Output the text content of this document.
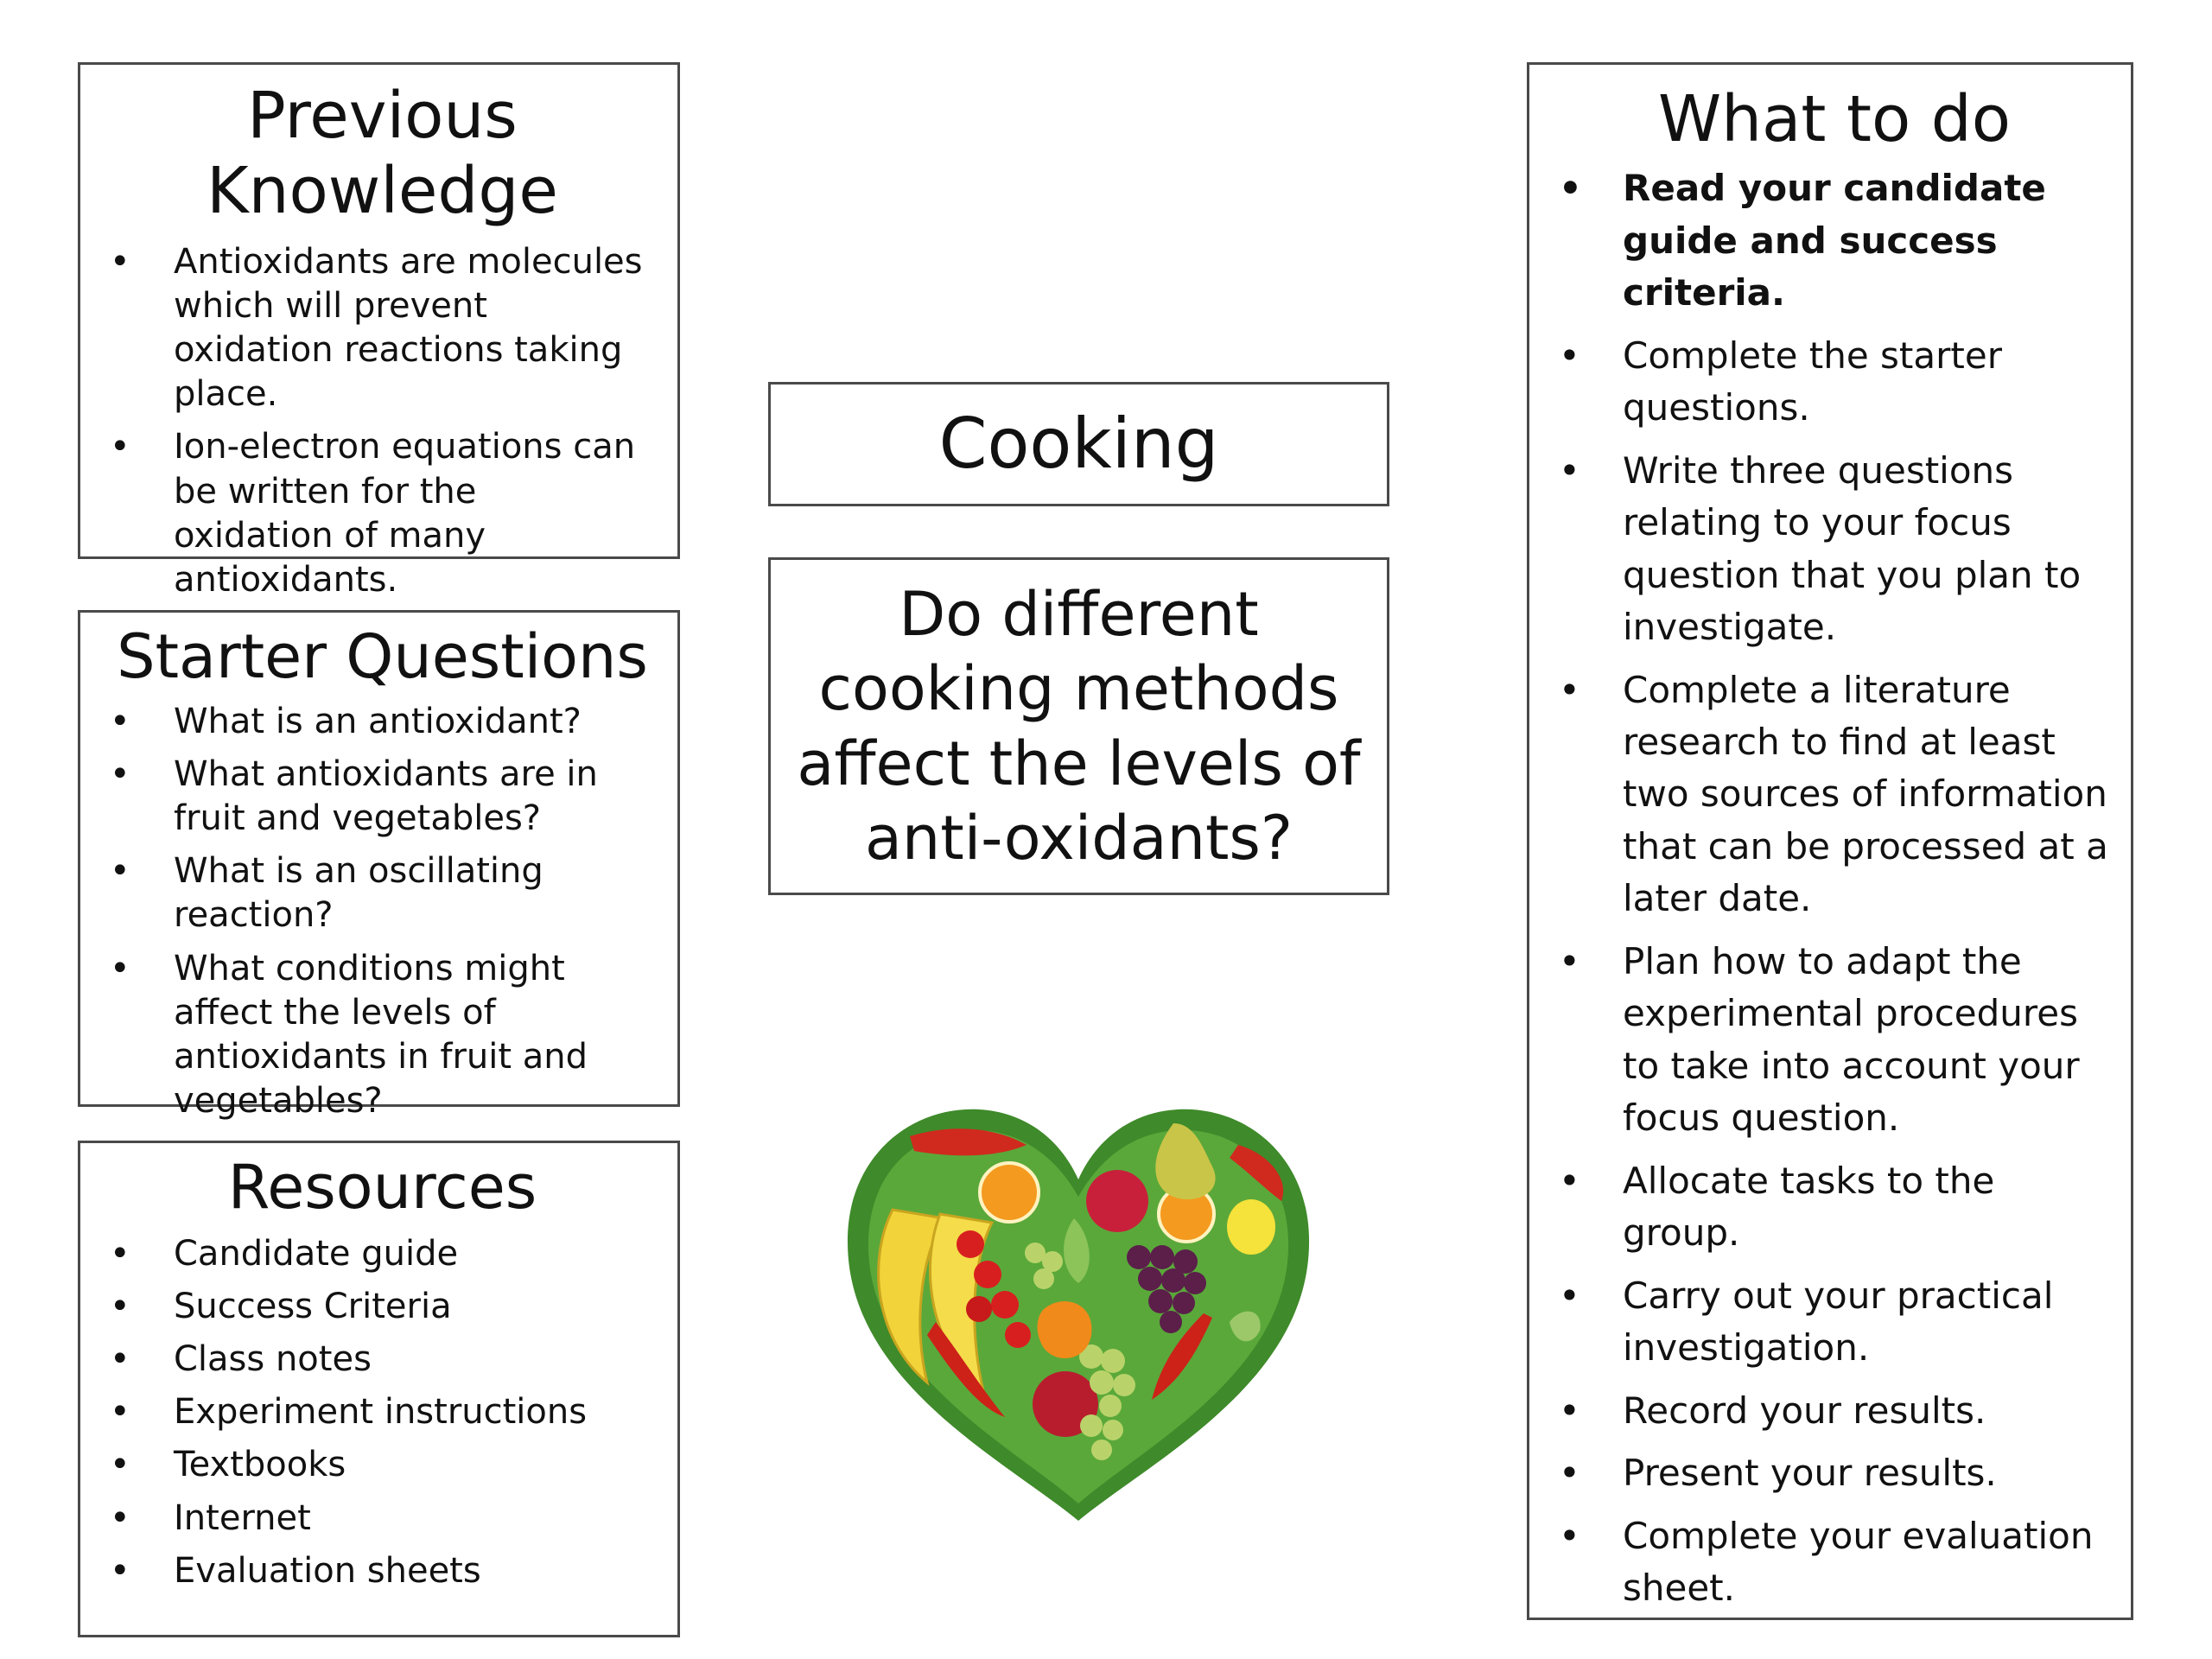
Previous Knowledge
• Antioxidants are molecules which will prevent oxidation reactions taking place.
• Ion-electron equations can be written for the oxidation of many antioxidants.
Starter Questions
• What is an antioxidant?
• What antioxidants are in fruit and vegetables?
• What is an oscillating reaction?
• What conditions might affect the levels of antioxidants in fruit and vegetables?
Resources
• Candidate guide
• Success Criteria
• Class notes
• Experiment instructions
• Textbooks
• Internet
• Evaluation sheets
Cooking
Do different cooking methods affect the levels of anti-oxidants?
What to do
• Read your candidate guide and success criteria.
• Complete the starter questions.
• Write three questions relating to your focus question that you plan to investigate.
• Complete a literature research to find at least two sources of information that can be processed at a later date.
• Plan how to adapt the experimental procedures to take into account your focus question.
• Allocate tasks to the group.
• Carry out your practical investigation.
• Record your results.
• Present your results.
• Complete your evaluation sheet.
